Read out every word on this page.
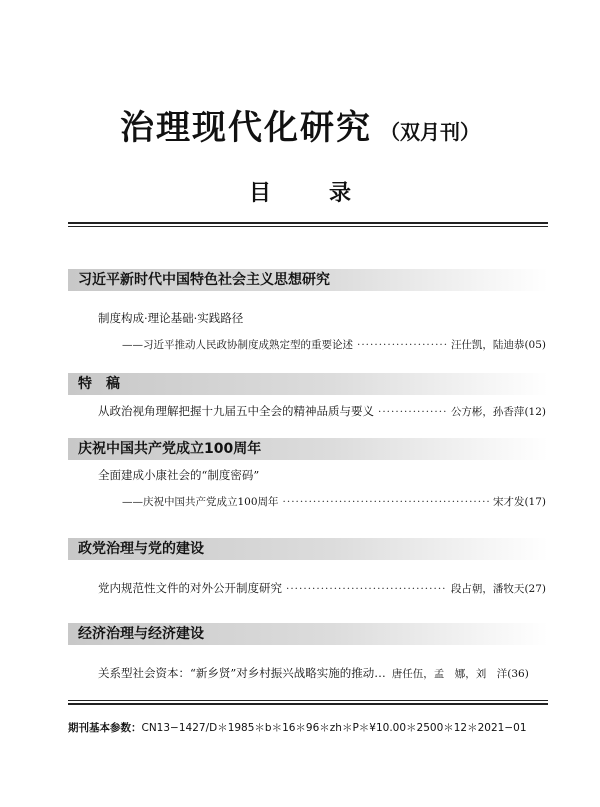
治理现代化研究 （双月刊）
目录
习近平新时代中国特色社会主义思想研究
制度构成·理论基础·实践路径
——习近平推动人民政协制度成熟定型的重要论述 ·····	汪仕凯，陆迪恭 (05)
特　稿
从政治视角理解把握十九届五中全会的精神品质与要义 ·····	公方彬，孙香萍 (12)
庆祝中国共产党成立100周年
全面建成小康社会的“制度密码”
——庆祝中国共产党成立100周年 ·····	宋才发 (17)
政党治理与党的建设
党内规范性文件的对外公开制度研究 ·····	段占朝，潘牧天 (27)
经济治理与经济建设
关系型社会资本：“新乡贤”对乡村振兴战略实施的推动… 唐任伍，孟　娜，刘　洋 (36)
期刊基本参数：CN13−1427/D＊1985＊b＊16＊96＊zh＊P＊¥10.00＊2500＊12＊2021−01
